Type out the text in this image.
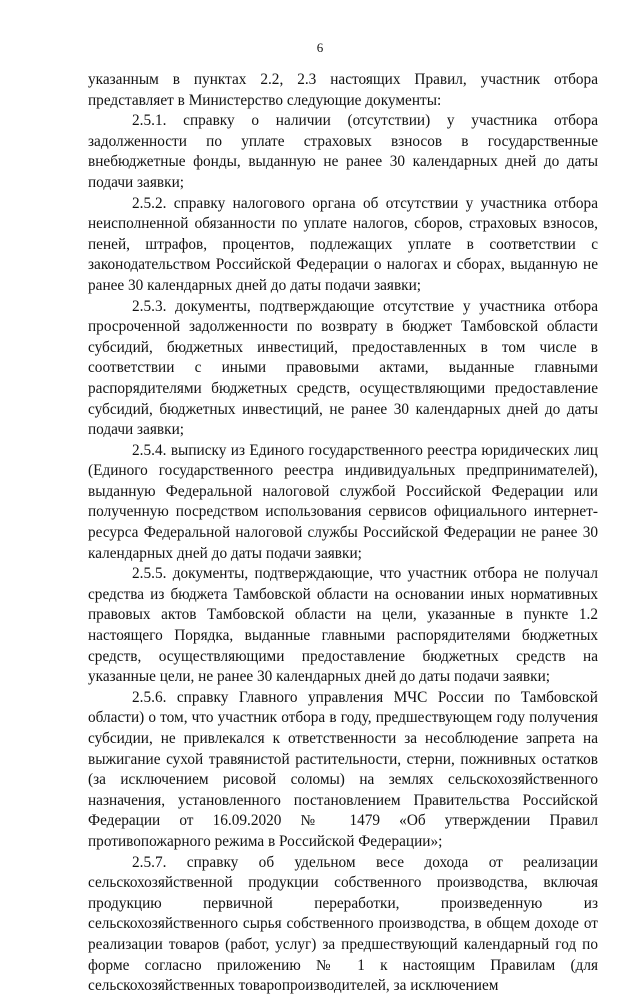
6

указанным в пунктах 2.2, 2.3 настоящих Правил, участник отбора представляет в Министерство следующие документы:

2.5.1. справку о наличии (отсутствии) у участника отбора задолженности по уплате страховых взносов в государственные внебюджетные фонды, выданную не ранее 30 календарных дней до даты подачи заявки;

2.5.2. справку налогового органа об отсутствии у участника отбора неисполненной обязанности по уплате налогов, сборов, страховых взносов, пеней, штрафов, процентов, подлежащих уплате в соответствии с законодательством Российской Федерации о налогах и сборах, выданную не ранее 30 календарных дней до даты подачи заявки;

2.5.3. документы, подтверждающие отсутствие у участника отбора просроченной задолженности по возврату в бюджет Тамбовской области субсидий, бюджетных инвестиций, предоставленных в том числе в соответствии с иными правовыми актами, выданные главными распорядителями бюджетных средств, осуществляющими предоставление субсидий, бюджетных инвестиций, не ранее 30 календарных дней до даты подачи заявки;

2.5.4. выписку из Единого государственного реестра юридических лиц (Единого государственного реестра индивидуальных предпринимателей), выданную Федеральной налоговой службой Российской Федерации или полученную посредством использования сервисов официального интернет-ресурса Федеральной налоговой службы Российской Федерации не ранее 30 календарных дней до даты подачи заявки;

2.5.5. документы, подтверждающие, что участник отбора не получал средства из бюджета Тамбовской области на основании иных нормативных правовых актов Тамбовской области на цели, указанные в пункте 1.2 настоящего Порядка, выданные главными распорядителями бюджетных средств, осуществляющими предоставление бюджетных средств на указанные цели, не ранее 30 календарных дней до даты подачи заявки;

2.5.6. справку Главного управления МЧС России по Тамбовской области) о том, что участник отбора в году, предшествующем году получения субсидии, не привлекался к ответственности за несоблюдение запрета на выжигание сухой травянистой растительности, стерни, пожнивных остатков (за исключением рисовой соломы) на землях сельскохозяйственного назначения, установленного постановлением Правительства Российской Федерации от 16.09.2020 № 1479 «Об утверждении Правил противопожарного режима в Российской Федерации»;

2.5.7. справку об удельном весе дохода от реализации сельскохозяйственной продукции собственного производства, включая продукцию первичной переработки, произведенную из сельскохозяйственного сырья собственного производства, в общем доходе от реализации товаров (работ, услуг) за предшествующий календарный год по форме согласно приложению № 1 к настоящим Правилам (для сельскохозяйственных товаропроизводителей, за исключением
